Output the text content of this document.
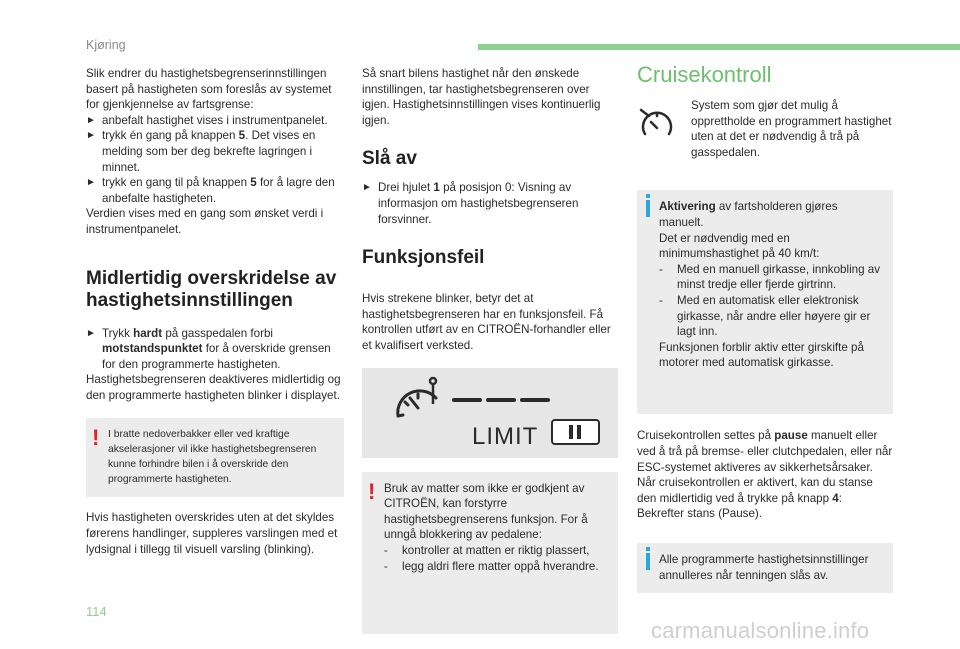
Kjøring

Slik endrer du hastighetsbegrenserinnstillingen basert på hastigheten som foreslås av systemet for gjenkjennelse av fartsgrense:

► anbefalt hastighet vises i instrumentpanelet.
► trykk én gang på knappen 5. Det vises en melding som ber deg bekrefte lagringen i minnet.
► trykk en gang til på knappen 5 for å lagre den anbefalte hastigheten.

Verdien vises med en gang som ønsket verdi i instrumentpanelet.

Midlertidig overskridelse av hastighetsinnstillingen
► Trykk hardt på gasspedalen forbi motstandspunktet for å overskride grensen for den programmerte hastigheten.

Hastighetsbegrenseren deaktiveres midlertidig og den programmerte hastigheten blinker i displayet.

! I bratte nedoverbakker eller ved kraftige akselerasjoner vil ikke hastighetsbegrenseren kunne forhindre bilen i å overskride den programmerte hastigheten.

Hvis hastigheten overskrides uten at det skyldes førerens handlinger, suppleres varslingen med et lydsignal i tillegg til visuell varsling (blinking).

Så snart bilens hastighet når den ønskede innstillingen, tar hastighetsbegrenseren over igjen. Hastighetsinnstillingen vises kontinuerlig igjen.

Slå av
► Drei hjulet 1 på posisjon 0: Visning av informasjon om hastighetsbegrenseren forsvinner.
Funksjonsfeil

Hvis strekene blinker, betyr det at hastighetsbegrenseren har en funksjonsfeil. Få kontrollen utført av en CITROËN-forhandler eller et kvalifisert verksted.

LIMIT
! Bruk av matter som ikke er godkjent av CITROËN, kan forstyrre hastighetsbegrenserens funksjon. For å unngå blokkering av pedalene:

-	kontroller at matten er riktig plassert,
-	legg aldri flere matter oppå hverandre.
Cruisekontroll

System som gjør det mulig å opprettholde en programmert hastighet uten at det er nødvendig å trå på gasspedalen.

Aktivering av fartsholderen gjøres manuelt.

Det er nødvendig med en minimumshastighet på 40 km/t:

-	Med en manuell girkasse, innkobling av minst tredje eller fjerde girtrinn.
-	Med en automatisk eller elektronisk girkasse, når andre eller høyere gir er lagt inn.

Funksjonen forblir aktiv etter girskifte på motorer med automatisk girkasse.

Cruisekontrollen settes på pause manuelt eller ved å trå på bremse- eller clutchpedalen, eller når ESC-systemet aktiveres av sikkerhetsårsaker.

Når cruisekontrollen er aktivert, kan du stanse den midlertidig ved å trykke på knapp 4:

Bekrefter stans (Pause).

Alle programmerte hastighetsinnstillinger annulleres når tenningen slås av.

114
carmanualsonline.info
